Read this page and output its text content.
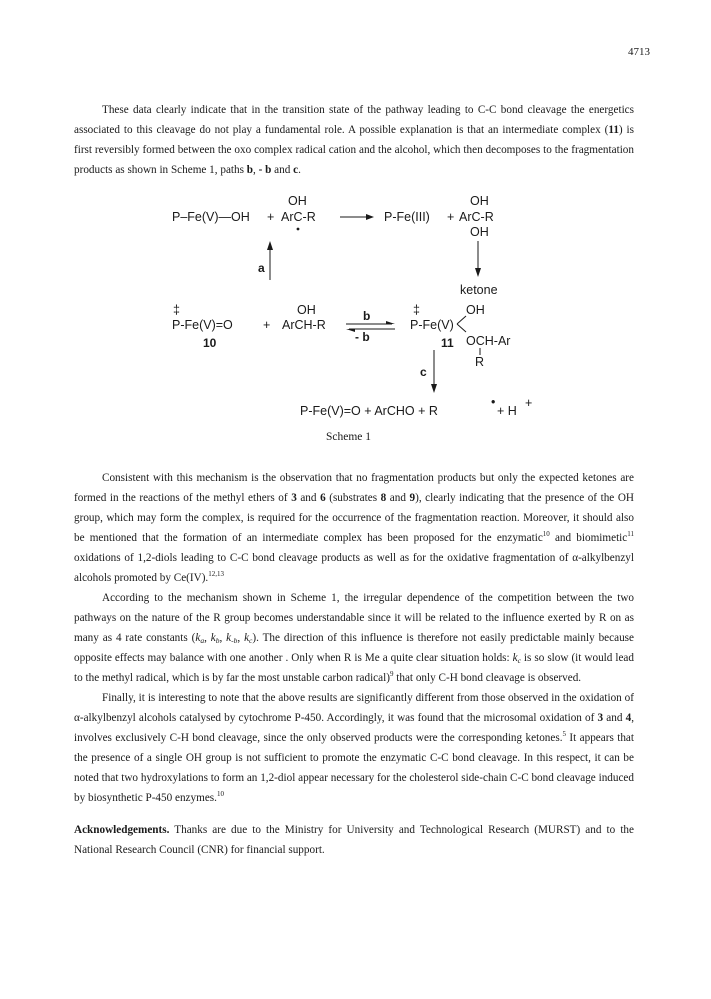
4713

These data clearly indicate that in the transition state of the pathway leading to C-C bond cleavage the energetics associated to this cleavage do not play a fundamental role. A possible explanation is that an intermediate complex (11) is first reversibly formed between the oxo complex radical cation and the alcohol, which then decomposes to the fragmentation products as shown in Scheme 1, paths b, - b and c.

OH
P–Fe(V)—OH + ArC-R	P-Fe(III) +
OH
ArC-R
OH
a
ketone
‡
P-Fe(V)=O
10
+
OH
ArCH-R
b
- b
‡
P-Fe(V)
OH
11 OCH-Ar
R
c
P-Fe(V)=O + ArCHO + R
•
+ H
+
Scheme 1

Consistent with this mechanism is the observation that no fragmentation products but only the expected ketones are formed in the reactions of the methyl ethers of 3 and 6 (substrates 8 and 9), clearly indicating that the presence of the OH group, which may form the complex, is required for the occurrence of the fragmentation reaction. Moreover, it should also be mentioned that the formation of an intermediate complex has been proposed for the enzymatic$^{10}$ and biomimetic$^{11}$ oxidations of 1,2-diols leading to C-C bond cleavage products as well as for the oxidative fragmentation of α-alkylbenzyl alcohols promoted by Ce(IV).$^{12,13}$

According to the mechanism shown in Scheme 1, the irregular dependence of the competition between the two pathways on the nature of the R group becomes understandable since it will be related to the influence exerted by R on as many as 4 rate constants ($k_a$, $k_b$, $k_{-b}$, $k_c$). The direction of this influence is therefore not easily predictable mainly because opposite effects may balance with one another . Only when R is Me a quite clear situation holds: $k_c$ is so slow (it would lead to the methyl radical, which is by far the most unstable carbon radical)$^9$ that only C-H bond cleavage is observed.

Finally, it is interesting to note that the above results are significantly different from those observed in the oxidation of α-alkylbenzyl alcohols catalysed by cytochrome P-450. Accordingly, it was found that the microsomal oxidation of 3 and 4, involves exclusively C-H bond cleavage, since the only observed products were the corresponding ketones.$^5$ It appears that the presence of a single OH group is not sufficient to promote the enzymatic C-C bond cleavage. In this respect, it can be noted that two hydroxylations to form an 1,2-diol appear necessary for the cholesterol side-chain C-C bond cleavage induced by biosynthetic P-450 enzymes.$^{10}$

Acknowledgements. Thanks are due to the Ministry for University and Technological Research (MURST) and to the National Research Council (CNR) for financial support.
